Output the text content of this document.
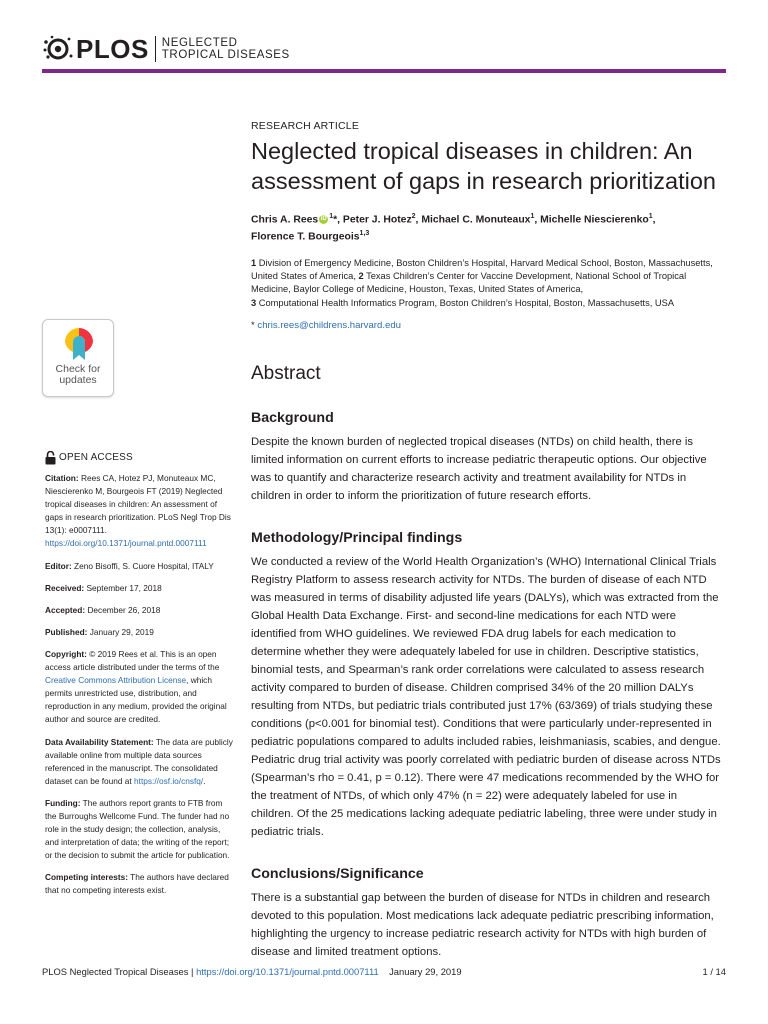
PLOS NEGLECTED
TROPICAL DISEASES
Check for
updates
OPEN ACCESS
Citation: Rees CA, Hotez PJ, Monuteaux MC, Niescierenko M, Bourgeois FT (2019) Neglected tropical diseases in children: An assessment of gaps in research prioritization. PLoS Negl Trop Dis 13(1): e0007111. https://doi.org/10.1371/journal.pntd.0007111
Editor: Zeno Bisoffi, S. Cuore Hospital, ITALY
Received: September 17, 2018
Accepted: December 26, 2018
Published: January 29, 2019
Copyright: © 2019 Rees et al. This is an open access article distributed under the terms of the Creative Commons Attribution License, which permits unrestricted use, distribution, and reproduction in any medium, provided the original author and source are credited.
Data Availability Statement: The data are publicly available online from multiple data sources referenced in the manuscript. The consolidated dataset can be found at https://osf.io/cnsfq/.
Funding: The authors report grants to FTB from the Burroughs Wellcome Fund. The funder had no role in the study design; the collection, analysis, and interpretation of data; the writing of the report; or the decision to submit the article for publication.
Competing interests: The authors have declared that no competing interests exist.
RESEARCH ARTICLE
Neglected tropical diseases in children: An assessment of gaps in research prioritization
Chris A. Rees iD $^1$*, Peter J. Hotez$^2$, Michael C. Monuteaux$^1$, Michelle Niescierenko$^1$,
Florence T. Bourgeois$^{1,3}$
1 Division of Emergency Medicine, Boston Children’s Hospital, Harvard Medical School, Boston, Massachusetts, United States of America, 2 Texas Children’s Center for Vaccine Development, National School of Tropical Medicine, Baylor College of Medicine, Houston, Texas, United States of America,
3 Computational Health Informatics Program, Boston Children’s Hospital, Boston, Massachusetts, USA
* chris.rees@childrens.harvard.edu
Abstract
Background

Despite the known burden of neglected tropical diseases (NTDs) on child health, there is limited information on current efforts to increase pediatric therapeutic options. Our objective was to quantify and characterize research activity and treatment availability for NTDs in children in order to inform the prioritization of future research efforts.

Methodology/Principal findings

We conducted a review of the World Health Organization’s (WHO) International Clinical Trials Registry Platform to assess research activity for NTDs. The burden of disease of each NTD was measured in terms of disability adjusted life years (DALYs), which was extracted from the Global Health Data Exchange. First- and second-line medications for each NTD were identified from WHO guidelines. We reviewed FDA drug labels for each medication to determine whether they were adequately labeled for use in children. Descriptive statistics, binomial tests, and Spearman’s rank order correlations were calculated to assess research activity compared to burden of disease. Children comprised 34% of the 20 million DALYs resulting from NTDs, but pediatric trials contributed just 17% (63/369) of trials studying these conditions (p<0.001 for binomial test). Conditions that were particularly under-represented in pediatric populations compared to adults included rabies, leishmaniasis, scabies, and dengue. Pediatric drug trial activity was poorly correlated with pediatric burden of disease across NTDs (Spearman’s rho = 0.41, p = 0.12). There were 47 medications recommended by the WHO for the treatment of NTDs, of which only 47% (n = 22) were adequately labeled for use in children. Of the 25 medications lacking adequate pediatric labeling, three were under study in pediatric trials.

Conclusions/Significance

There is a substantial gap between the burden of disease for NTDs in children and research devoted to this population. Most medications lack adequate pediatric prescribing information, highlighting the urgency to increase pediatric research activity for NTDs with high burden of disease and limited treatment options.

PLOS Neglected Tropical Diseases | https://doi.org/10.1371/journal.pntd.0007111 January 29, 2019	1 / 14
